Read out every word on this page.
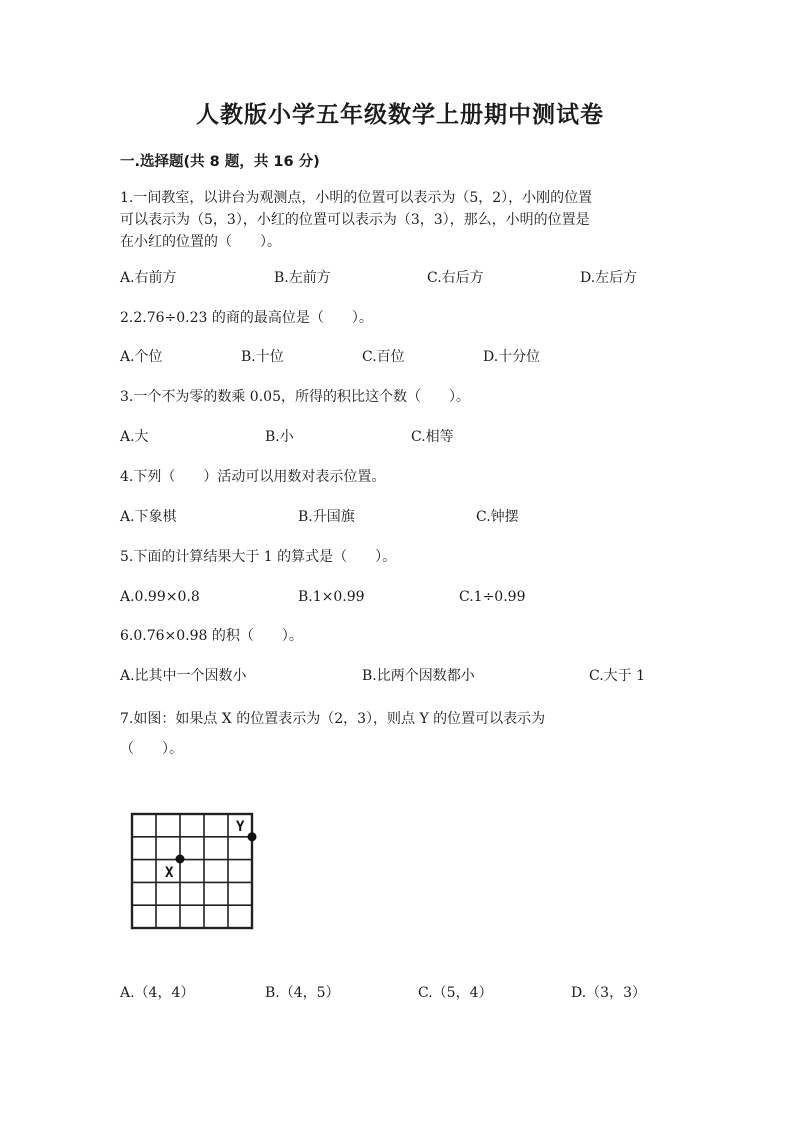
人教版小学五年级数学上册期中测试卷
一.选择题(共 8 题，共 16 分)
1.一间教室，以讲台为观测点，小明的位置可以表示为（5，2），小刚的位置
可以表示为（5，3），小红的位置可以表示为（3，3），那么，小明的位置是
在小红的位置的（　　）。
A.右前方	B.左前方	C.右后方	D.左后方
2.2.76÷0.23 的商的最高位是（　　）。
A.个位	B.十位	C.百位	D.十分位
3.一个不为零的数乘 0.05，所得的积比这个数（　　）。
A.大	B.小	C.相等
4.下列（　　）活动可以用数对表示位置。
A.下象棋	B.升国旗	C.钟摆
5.下面的计算结果大于 1 的算式是（　　）。
A.0.99×0.8	B.1×0.99	C.1÷0.99
6.0.76×0.98 的积（　　）。
A.比其中一个因数小	B.比两个因数都小	C.大于 1
7.如图：如果点 X 的位置表示为（2，3），则点 Y 的位置可以表示为
（　　）。
X
Y
A.（4，4）	B.（4，5）	C.（5，4）	D.（3，3）
